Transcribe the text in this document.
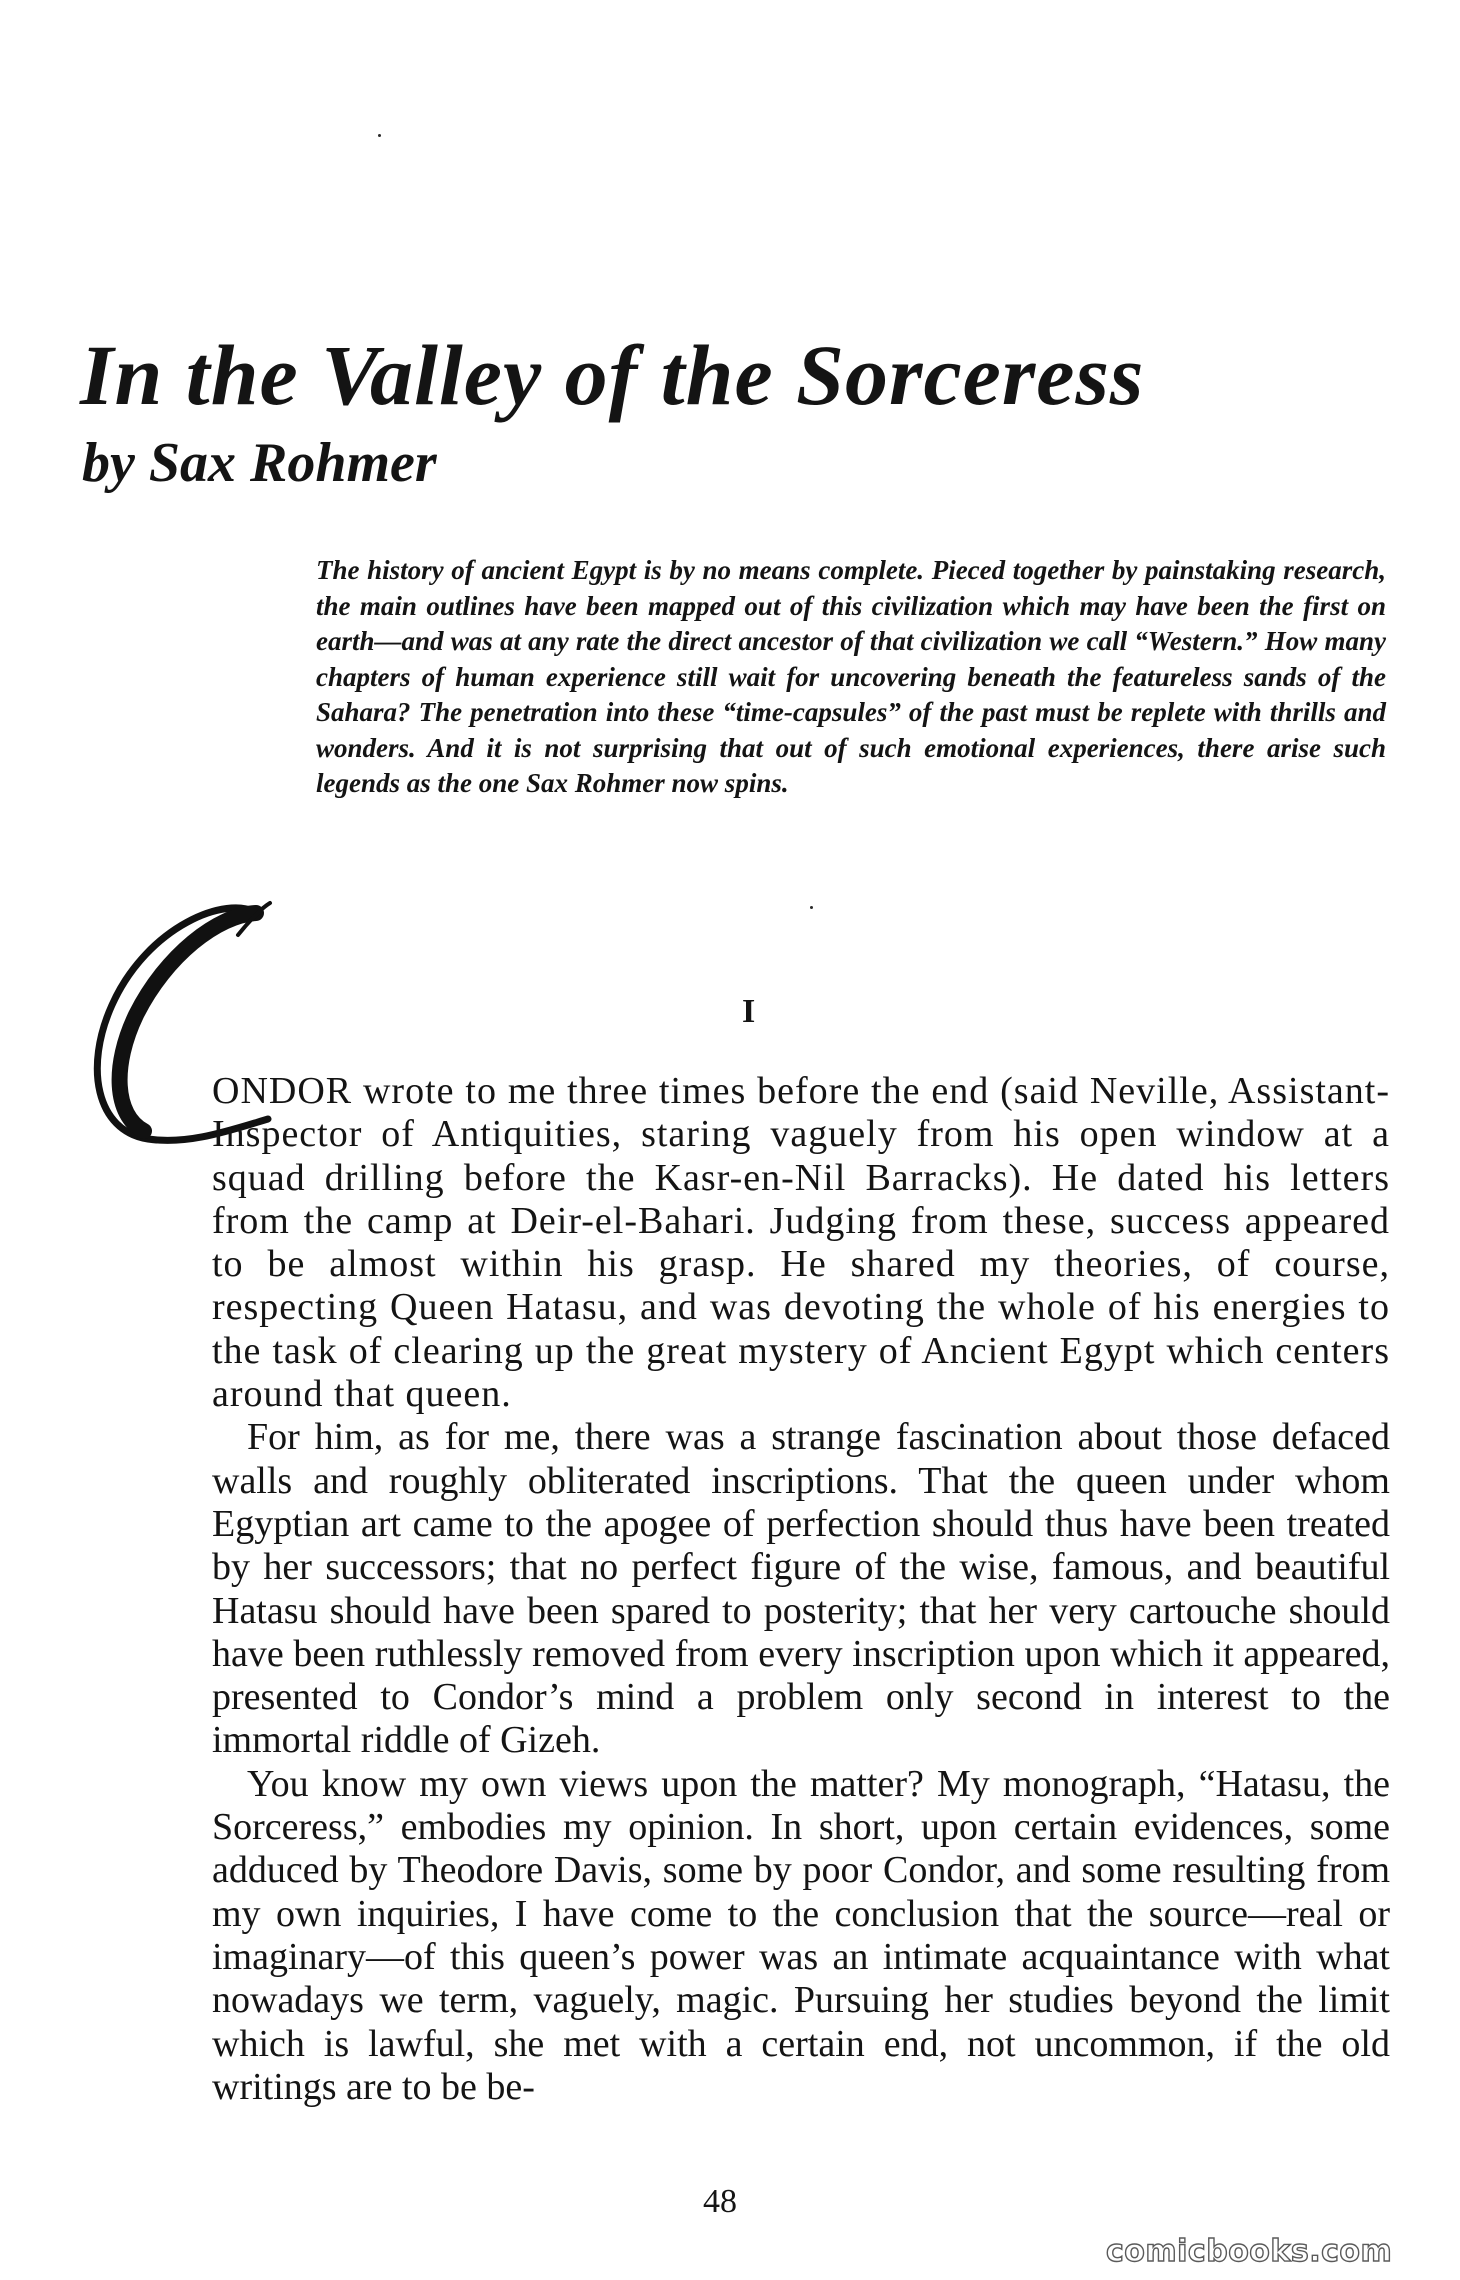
In the Valley of the Sorceress
by Sax Rohmer

The history of ancient Egypt is by no means complete. Pieced together by painstaking research, the main outlines have been mapped out of this civilization which may have been the first on earth—and was at any rate the direct ancestor of that civilization we call “Western.” How many chapters of human experience still wait for uncovering beneath the featureless sands of the Sahara? The penetration into these “time-capsules” of the past must be replete with thrills and wonders. And it is not surprising that out of such emotional experiences, there arise such legends as the one Sax Rohmer now spins.

I

ONDOR wrote to me three times before the end (said Neville, Assistant-Inspector of Antiquities, staring vaguely from his open window at a squad drilling before the Kasr-en-Nil Barracks). He dated his letters from the camp at Deir-el-Bahari. Judging from these, success appeared to be almost within his grasp. He shared my theories, of course, respecting Queen Hatasu, and was devoting the whole of his energies to the task of clearing up the great mystery of Ancient Egypt which centers around that queen.

For him, as for me, there was a strange fascination about those defaced walls and roughly obliterated inscriptions. That the queen under whom Egyptian art came to the apogee of perfection should thus have been treated by her successors; that no perfect figure of the wise, famous, and beautiful Hatasu should have been spared to posterity; that her very cartouche should have been ruthlessly removed from every inscription upon which it appeared, presented to Condor’s mind a problem only second in interest to the immortal riddle of Gizeh.

You know my own views upon the matter? My monograph, “Hatasu, the Sorceress,” embodies my opinion. In short, upon certain evidences, some adduced by Theodore Davis, some by poor Condor, and some resulting from my own inquiries, I have come to the conclusion that the source—real or imaginary—of this queen’s power was an intimate acquaintance with what nowadays we term, vaguely, magic. Pursuing her studies beyond the limit which is lawful, she met with a certain end, not uncommon, if the old writings are to be be-

48
comicbooks.com
